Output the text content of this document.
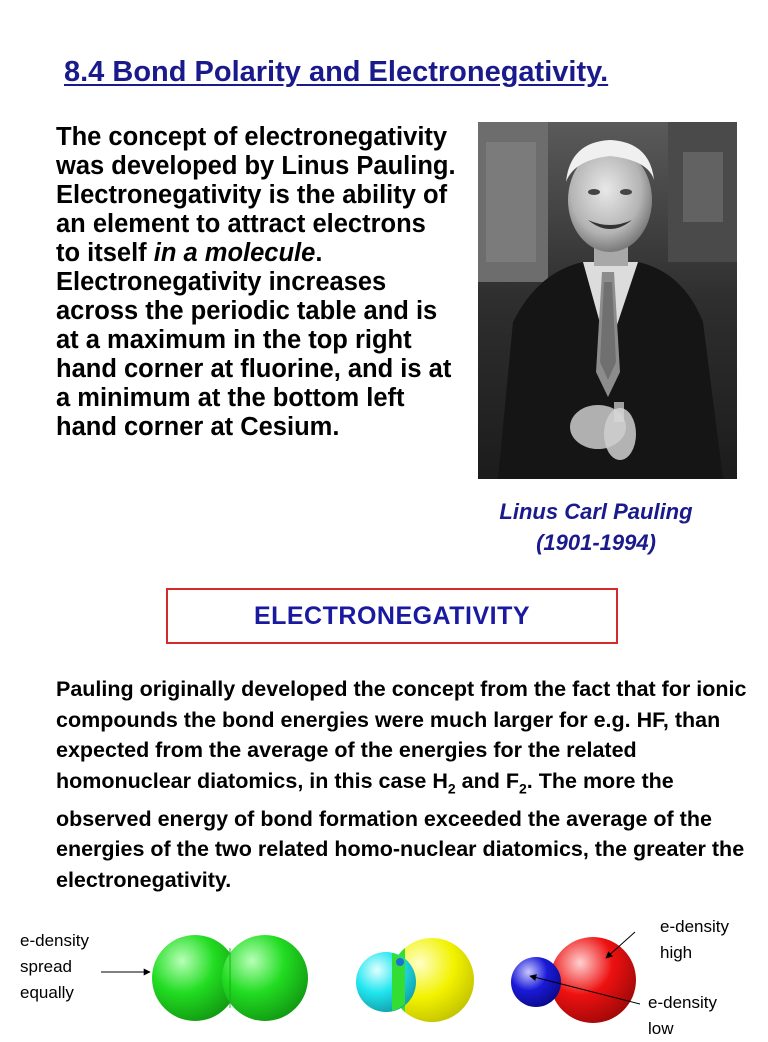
8.4 Bond Polarity and Electronegativity.

The concept of electronegativity was developed by Linus Pauling. Electronegativity is the ability of an element to attract electrons to itself in a molecule. Electronegativity increases across the periodic table and is at a maximum in the top right hand corner at fluorine, and is at a minimum at the bottom left hand corner at Cesium.

Linus Carl Pauling
(1901-1994)
ELECTRONEGATIVITY

Pauling originally developed the concept from the fact that for ionic compounds the bond energies were much larger for e.g. HF, than expected from the average of the energies for the related homonuclear diatomics, in this case $H_2$ and $F_2$. The more the observed energy of bond formation exceeded the average of the energies of the two related homo-nuclear diatomics, the greater the electronegativity.

e-density
spread
equally
e-density
high
e-density
low
